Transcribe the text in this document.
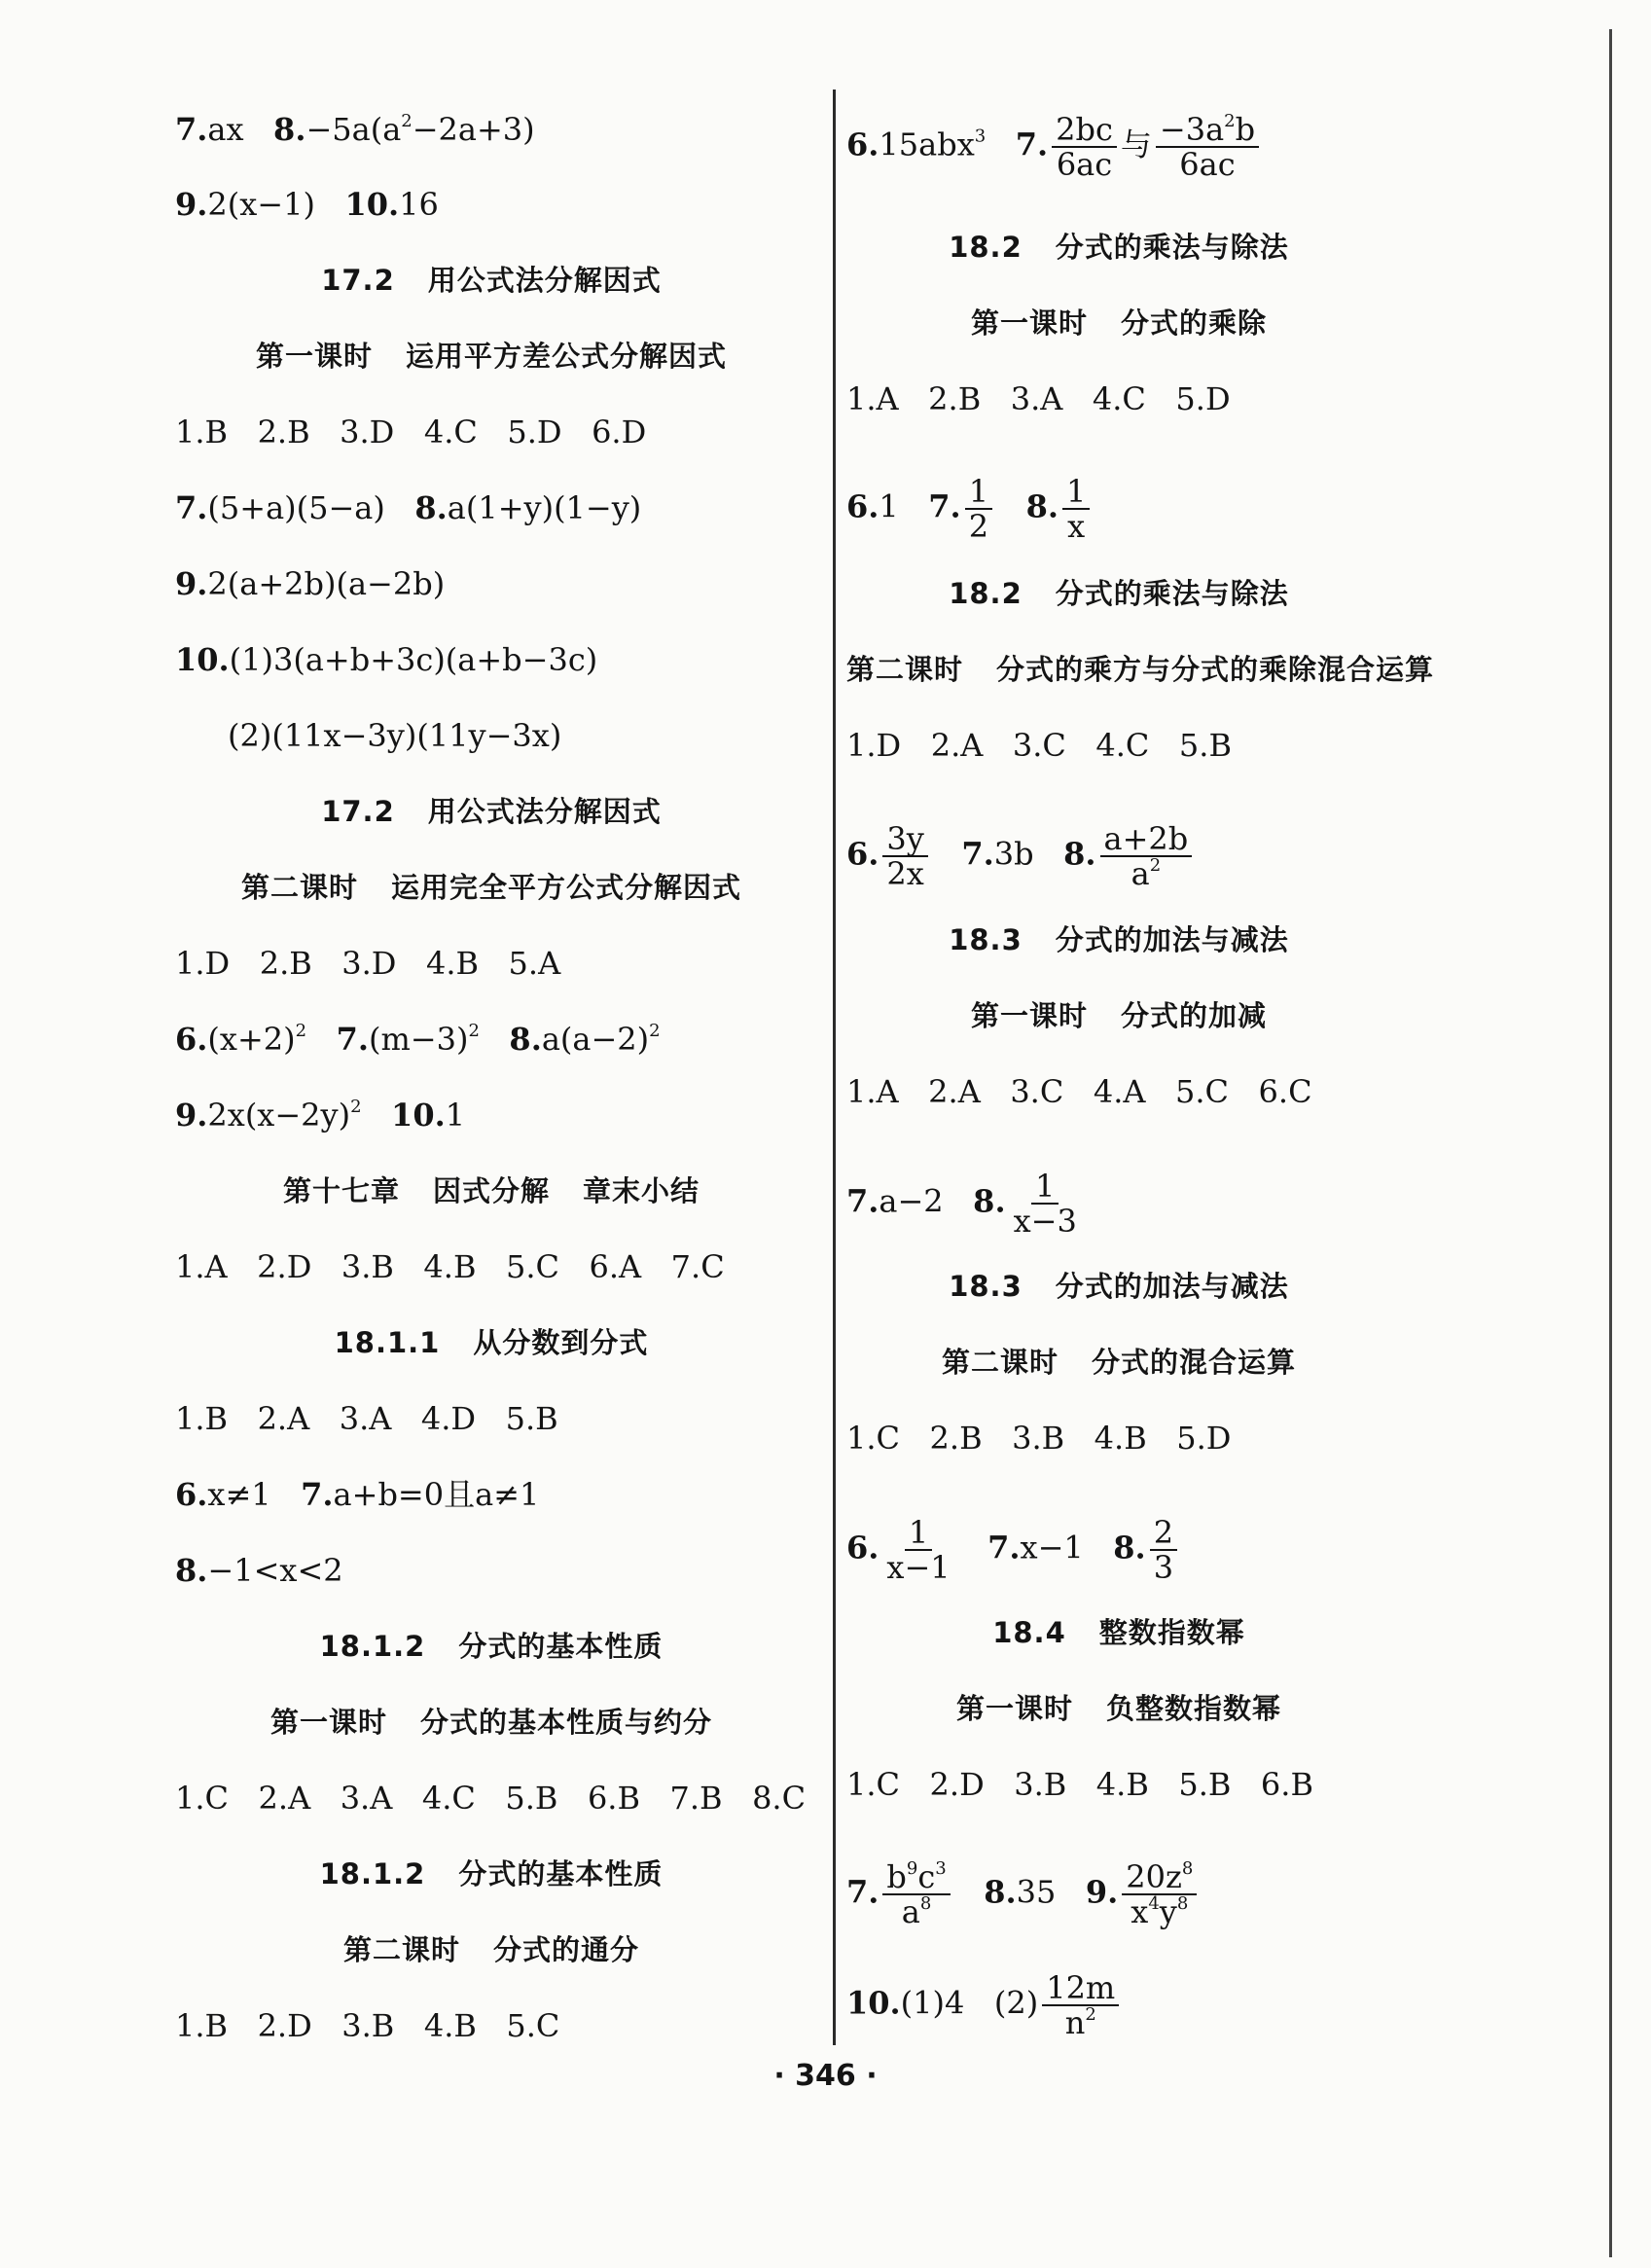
7.ax $8.-5a(a^2-2a+3)$
9.2(x−1) 10.16
17.2 用公式法分解因式
第一课时 运用平方差公式分解因式
1.B 2.B 3.D 4.C 5.D 6.D
7.(5+a)(5−a) 8.a(1+y)(1−y)
9.2(a+2b)(a−2b)
10.(1)3(a+b+3c)(a+b−3c)
(2)(11x−3y)(11y−3x)
17.2 用公式法分解因式
第二课时 运用完全平方公式分解因式
1.D 2.B 3.D 4.B 5.A
$6.(x+2)^2$ $7.(m-3)^2$ $8.a(a-2)^2$
$9.2x(x-2y)^2$ 10.1
第十七章 因式分解 章末小结
1.A 2.D 3.B 4.B 5.C 6.A 7.C
18.1.1 从分数到分式
1.B 2.A 3.A 4.D 5.B
6.x≠1 7.a+b=0且a≠1
8.−1<x<2
18.1.2 分式的基本性质
第一课时 分式的基本性质与约分
1.C 2.A 3.A 4.C 5.B 6.B 7.B 8.C
18.1.2 分式的基本性质
第二课时 分式的通分
1.B 2.D 3.B 4.B 5.C
6.15abx$^3$ 7. $\frac{2bc}{6ac}$ 与 $\frac{-3a^2b}{6ac}$
18.2 分式的乘法与除法
第一课时 分式的乘除
1.A 2.B 3.A 4.C 5.D
6.1 7. $\frac{1}{2} 8$. $\frac{1}{x}$
18.2 分式的乘法与除法
第二课时 分式的乘方与分式的乘除混合运算
1.D 2.A 3.C 4.C 5.B
6. $\frac{3y}{2x} 7.3b$ 8. $\frac{a+2b}{a^2}$
18.3 分式的加法与减法
第一课时 分式的加减
1.A 2.A 3.C 4.A 5.C 6.C
7.a−2 8. $\frac{1}{x-3}$
18.3 分式的加法与减法
第二课时 分式的混合运算
1.C 2.B 3.B 4.B 5.D
6. $\frac{1}{x-1} 7.x-1$ 8. $\frac{2}{3}$
18.4 整数指数幂
第一课时 负整数指数幂
1.C 2.D 3.B 4.B 5.B 6.B
7. $\frac{b^9c^3}{a^8} 8.35$ 9. $\frac{20z^8}{x^4y^8}$
10.(1)4 $(2) \frac{12m}{n^2}$
· 346 ·
